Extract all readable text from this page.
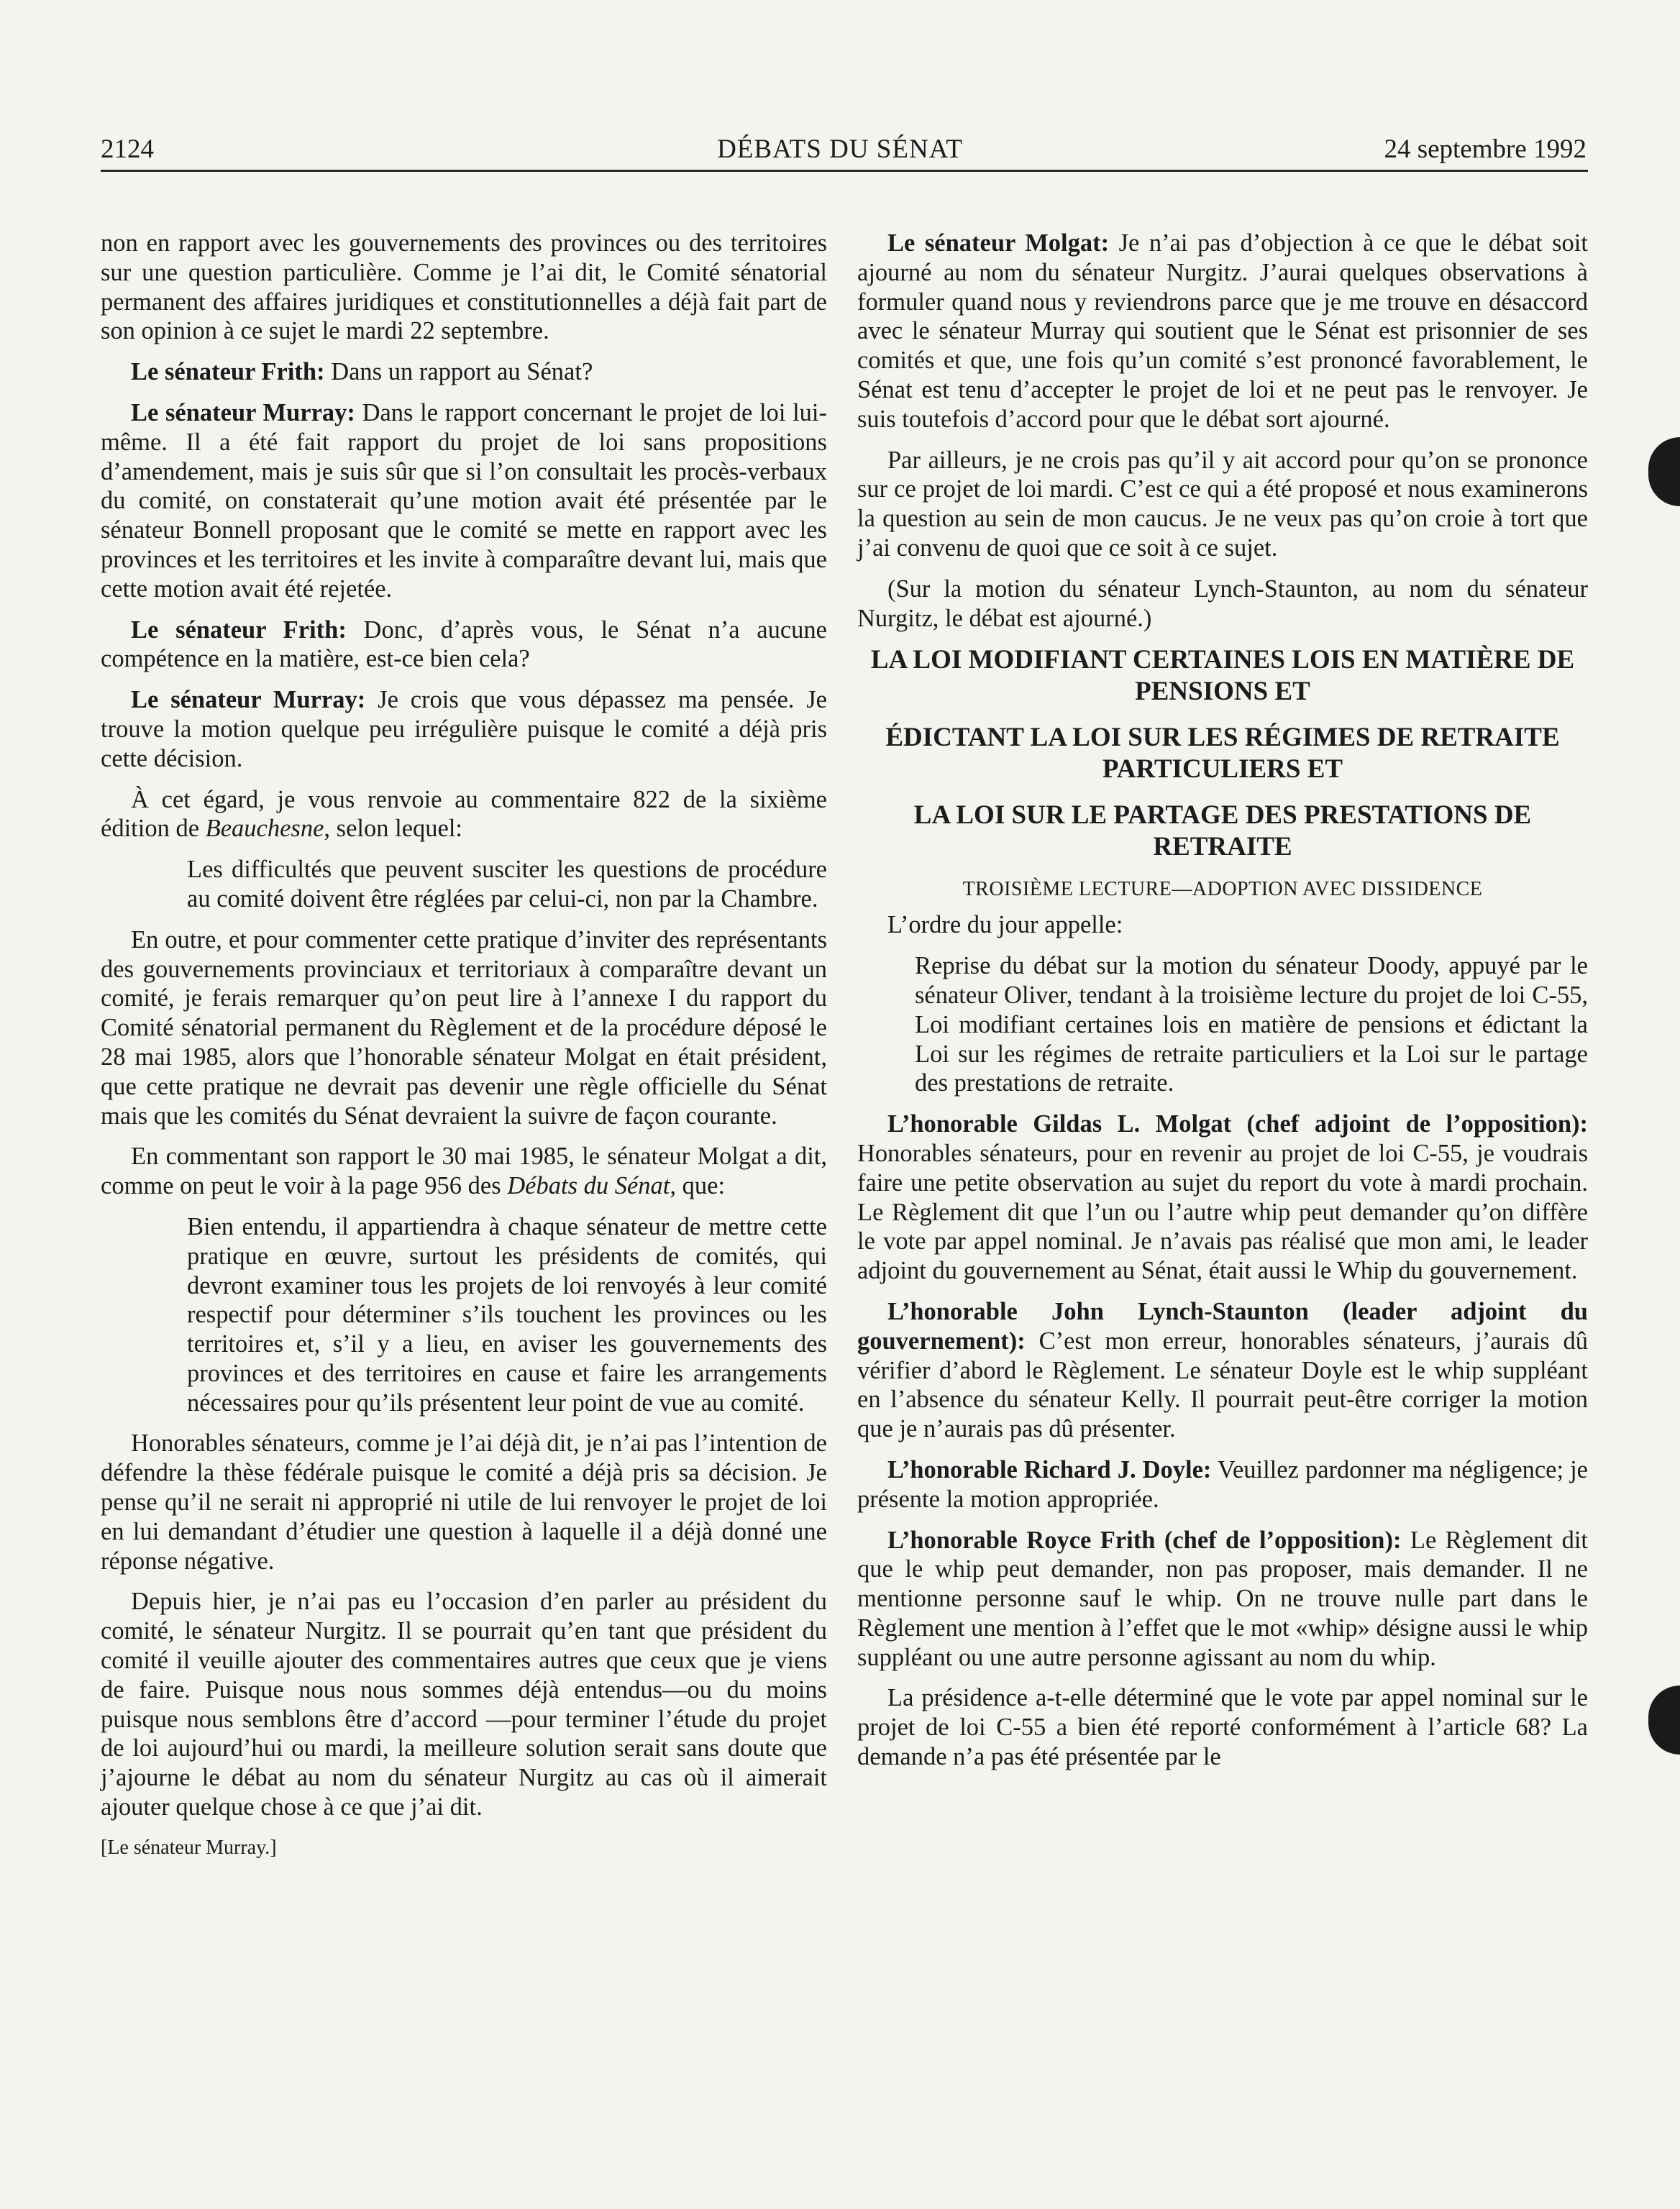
2124	DÉBATS DU SÉNAT	24 septembre 1992

non en rapport avec les gouvernements des provinces ou des territoires sur une question particulière. Comme je l’ai dit, le Comité sénatorial permanent des affaires juridiques et constitutionnelles a déjà fait part de son opinion à ce sujet le mardi 22 septembre.

Le sénateur Frith: Dans un rapport au Sénat?

Le sénateur Murray: Dans le rapport concernant le projet de loi lui-même. Il a été fait rapport du projet de loi sans propositions d’amendement, mais je suis sûr que si l’on consultait les procès-verbaux du comité, on constaterait qu’une motion avait été présentée par le sénateur Bonnell proposant que le comité se mette en rapport avec les provinces et les territoires et les invite à comparaître devant lui, mais que cette motion avait été rejetée.

Le sénateur Frith: Donc, d’après vous, le Sénat n’a aucune compétence en la matière, est-ce bien cela?

Le sénateur Murray: Je crois que vous dépassez ma pensée. Je trouve la motion quelque peu irrégulière puisque le comité a déjà pris cette décision.

À cet égard, je vous renvoie au commentaire 822 de la sixième édition de Beauchesne, selon lequel:

Les difficultés que peuvent susciter les questions de procédure au comité doivent être réglées par celui-ci, non par la Chambre.

En outre, et pour commenter cette pratique d’inviter des représentants des gouvernements provinciaux et territoriaux à comparaître devant un comité, je ferais remarquer qu’on peut lire à l’annexe I du rapport du Comité sénatorial permanent du Règlement et de la procédure déposé le 28 mai 1985, alors que l’honorable sénateur Molgat en était président, que cette pratique ne devrait pas devenir une règle officielle du Sénat mais que les comités du Sénat devraient la suivre de façon courante.

En commentant son rapport le 30 mai 1985, le sénateur Molgat a dit, comme on peut le voir à la page 956 des Débats du Sénat, que:

Bien entendu, il appartiendra à chaque sénateur de mettre cette pratique en œuvre, surtout les présidents de comités, qui devront examiner tous les projets de loi renvoyés à leur comité respectif pour déterminer s’ils touchent les provinces ou les territoires et, s’il y a lieu, en aviser les gouvernements des provinces et des territoires en cause et faire les arrangements nécessaires pour qu’ils présentent leur point de vue au comité.

Honorables sénateurs, comme je l’ai déjà dit, je n’ai pas l’intention de défendre la thèse fédérale puisque le comité a déjà pris sa décision. Je pense qu’il ne serait ni approprié ni utile de lui renvoyer le projet de loi en lui demandant d’étudier une question à laquelle il a déjà donné une réponse négative.

Depuis hier, je n’ai pas eu l’occasion d’en parler au président du comité, le sénateur Nurgitz. Il se pourrait qu’en tant que président du comité il veuille ajouter des commentaires autres que ceux que je viens de faire. Puisque nous nous sommes déjà entendus—ou du moins puisque nous semblons être d’accord —pour terminer l’étude du projet de loi aujourd’hui ou mardi, la meilleure solution serait sans doute que j’ajourne le débat au nom du sénateur Nurgitz au cas où il aimerait ajouter quelque chose à ce que j’ai dit.

[Le sénateur Murray.]

Le sénateur Molgat: Je n’ai pas d’objection à ce que le débat soit ajourné au nom du sénateur Nurgitz. J’aurai quelques observations à formuler quand nous y reviendrons parce que je me trouve en désaccord avec le sénateur Murray qui soutient que le Sénat est prisonnier de ses comités et que, une fois qu’un comité s’est prononcé favorablement, le Sénat est tenu d’accepter le projet de loi et ne peut pas le renvoyer. Je suis toutefois d’accord pour que le débat sort ajourné.

Par ailleurs, je ne crois pas qu’il y ait accord pour qu’on se prononce sur ce projet de loi mardi. C’est ce qui a été proposé et nous examinerons la question au sein de mon caucus. Je ne veux pas qu’on croie à tort que j’ai convenu de quoi que ce soit à ce sujet.

(Sur la motion du sénateur Lynch-Staunton, au nom du sénateur Nurgitz, le débat est ajourné.)

LA LOI MODIFIANT CERTAINES LOIS EN MATIÈRE DE PENSIONS ET
ÉDICTANT LA LOI SUR LES RÉGIMES DE RETRAITE PARTICULIERS ET
LA LOI SUR LE PARTAGE DES PRESTATIONS DE RETRAITE
TROISIÈME LECTURE—ADOPTION AVEC DISSIDENCE

L’ordre du jour appelle:

Reprise du débat sur la motion du sénateur Doody, appuyé par le sénateur Oliver, tendant à la troisième lecture du projet de loi C-55, Loi modifiant certaines lois en matière de pensions et édictant la Loi sur les régimes de retraite particuliers et la Loi sur le partage des prestations de retraite.

L’honorable Gildas L. Molgat (chef adjoint de l’opposition): Honorables sénateurs, pour en revenir au projet de loi C-55, je voudrais faire une petite observation au sujet du report du vote à mardi prochain. Le Règlement dit que l’un ou l’autre whip peut demander qu’on diffère le vote par appel nominal. Je n’avais pas réalisé que mon ami, le leader adjoint du gouvernement au Sénat, était aussi le Whip du gouvernement.

L’honorable John Lynch-Staunton (leader adjoint du gouvernement): C’est mon erreur, honorables sénateurs, j’aurais dû vérifier d’abord le Règlement. Le sénateur Doyle est le whip suppléant en l’absence du sénateur Kelly. Il pourrait peut-être corriger la motion que je n’aurais pas dû présenter.

L’honorable Richard J. Doyle: Veuillez pardonner ma négligence; je présente la motion appropriée.

L’honorable Royce Frith (chef de l’opposition): Le Règlement dit que le whip peut demander, non pas proposer, mais demander. Il ne mentionne personne sauf le whip. On ne trouve nulle part dans le Règlement une mention à l’effet que le mot «whip» désigne aussi le whip suppléant ou une autre personne agissant au nom du whip.

La présidence a-t-elle déterminé que le vote par appel nominal sur le projet de loi C-55 a bien été reporté conformément à l’article 68? La demande n’a pas été présentée par le
